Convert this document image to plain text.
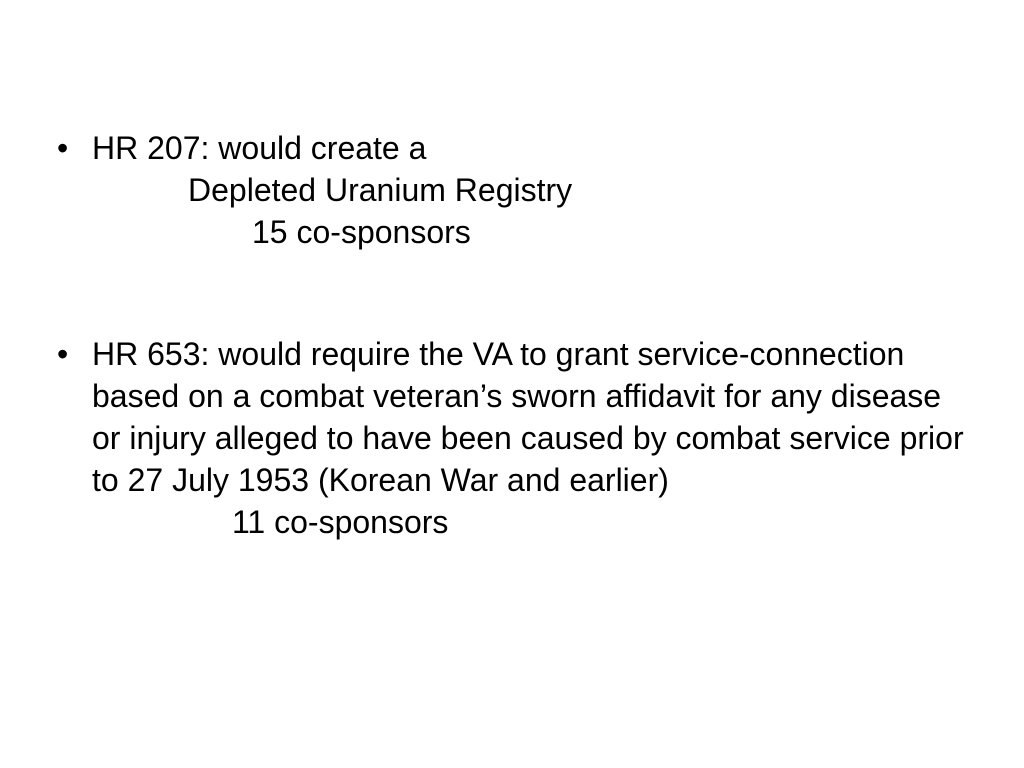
• HR 207: would create a
Depleted Uranium Registry
15 co-sponsors
• HR 653: would require the VA to grant service-connection based on a combat veteran’s sworn affidavit for any disease or injury alleged to have been caused by combat service prior to 27 July 1953 (Korean War and earlier)

11 co-sponsors
